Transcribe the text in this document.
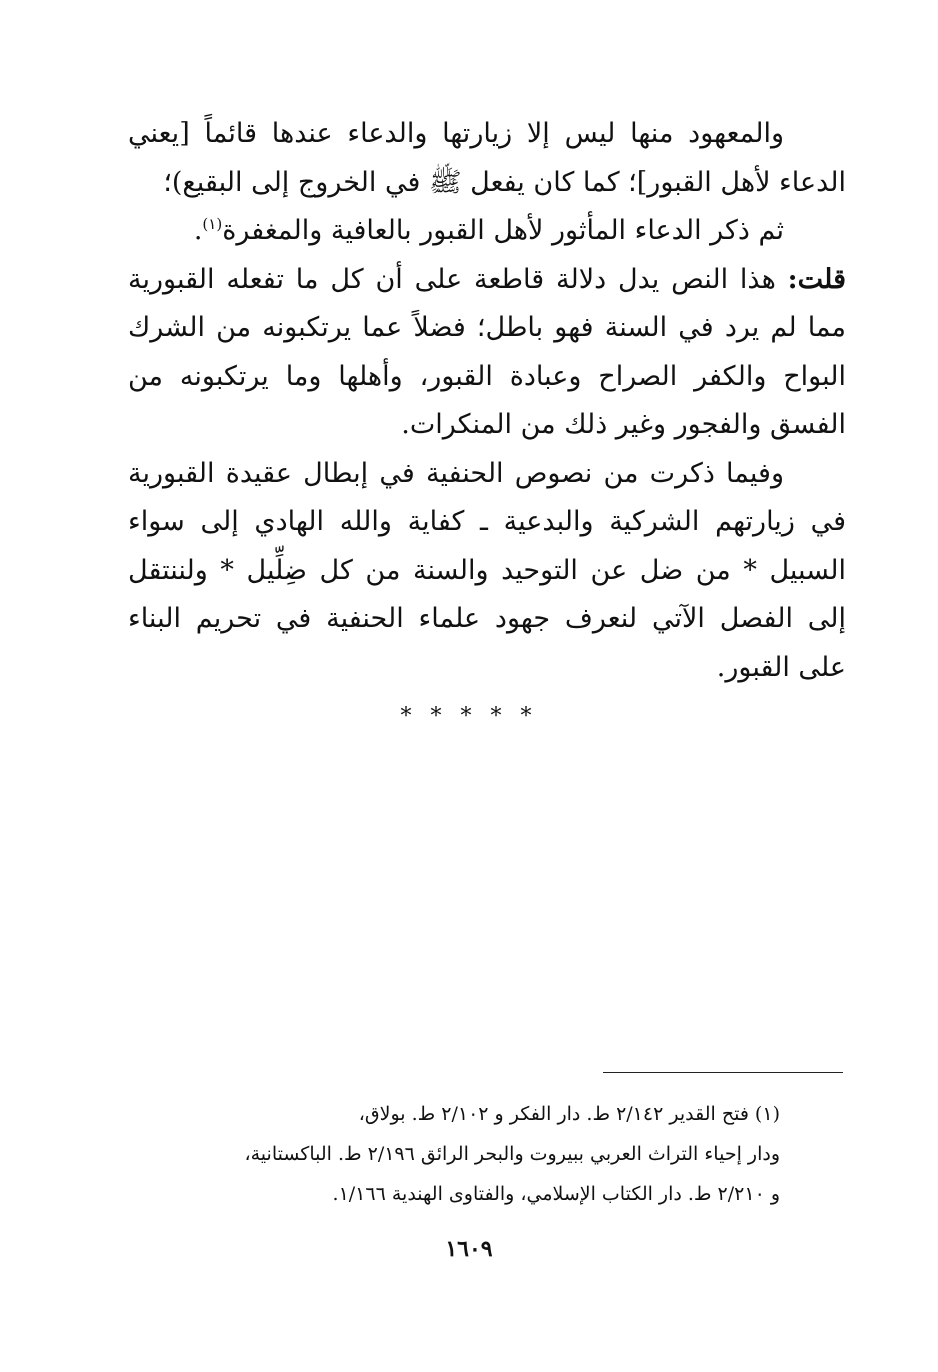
والمعهود منها ليس إلا زيارتها والدعاء عندها قائماً [يعني الدعاء لأهل القبور]؛ كما كان يفعل ﷺ في الخروج إلى البقيع)؛

ثم ذكر الدعاء المأثور لأهل القبور بالعافية والمغفرة$^{(١)}$.

قلت: هذا النص يدل دلالة قاطعة على أن كل ما تفعله القبورية مما لم يرد في السنة فهو باطل؛ فضلاً عما يرتكبونه من الشرك البواح والكفر الصراح وعبادة القبور، وأهلها وما يرتكبونه من الفسق والفجور وغير ذلك من المنكرات.

وفيما ذكرت من نصوص الحنفية في إبطال عقيدة القبورية في زيارتهم الشركية والبدعية ـ كفاية والله الهادي إلى سواء السبيل * من ضل عن التوحيد والسنة من كل ضِلِّيل * ولننتقل إلى الفصل الآتي لنعرف جهود علماء الحنفية في تحريم البناء على القبور.

* * * * *

(١) فتح القدير ٢/١٤٢ ط. دار الفكر و ٢/١٠٢ ط. بولاق،

ودار إحياء التراث العربي ببيروت والبحر الرائق ٢/١٩٦ ط. الباكستانية،

و ٢/٢١٠ ط. دار الكتاب الإسلامي، والفتاوى الهندية ١/١٦٦.

١٦٠٩
